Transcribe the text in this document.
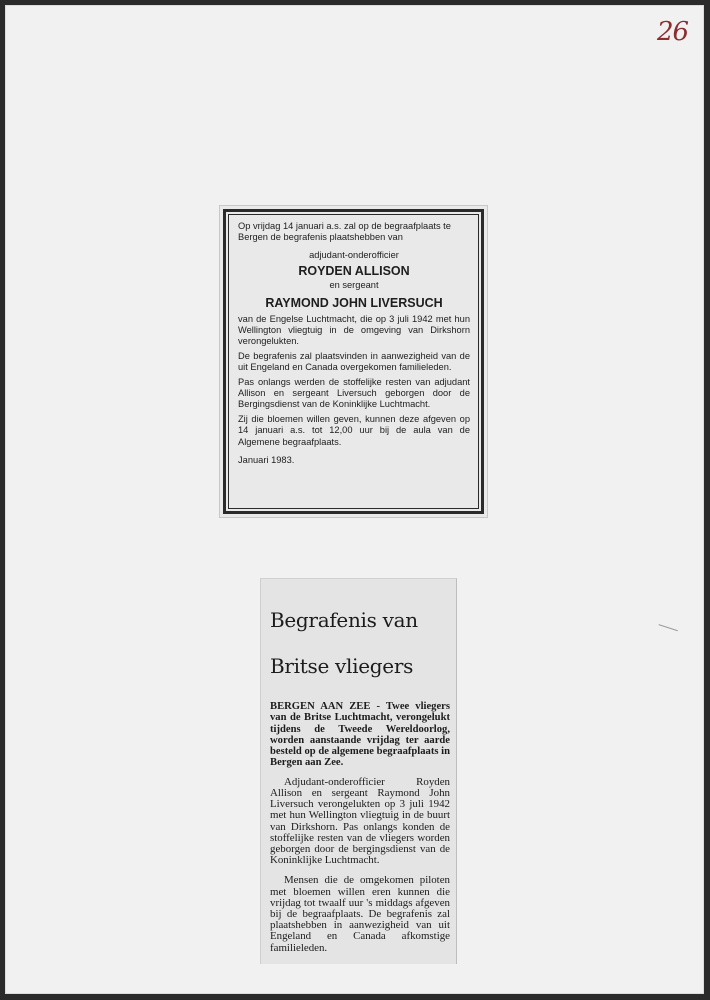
26

Op vrijdag 14 januari a.s. zal op de begraafplaats te Bergen de begrafenis plaatshebben van

adjudant-onderofficier

ROYDEN ALLISON

en sergeant

RAYMOND JOHN LIVERSUCH

van de Engelse Luchtmacht, die op 3 juli 1942 met hun Wellington vliegtuig in de omgeving van Dirkshorn verongelukten.

De begrafenis zal plaatsvinden in aanwezigheid van de uit Engeland en Canada overgekomen familieleden.

Pas onlangs werden de stoffelijke resten van adjudant Allison en sergeant Liversuch geborgen door de Bergingsdienst van de Koninklijke Luchtmacht.

Zij die bloemen willen geven, kunnen deze afgeven op 14 januari a.s. tot 12,00 uur bij de aula van de Algemene begraafplaats.

Januari 1983.

Begrafenis van
Britse vliegers

BERGEN AAN ZEE - Twee vliegers van de Britse Luchtmacht, verongelukt tijdens de Tweede Wereldoorlog, worden aanstaande vrijdag ter aarde besteld op de algemene begraafplaats in Bergen aan Zee.

Adjudant-onderofficier Royden Allison en sergeant Raymond John Liversuch verongelukten op 3 juli 1942 met hun Wellington vliegtuig in de buurt van Dirkshorn. Pas onlangs konden de stoffelijke resten van de vliegers worden geborgen door de bergingsdienst van de Koninklijke Luchtmacht.

Mensen die de omgekomen piloten met bloemen willen eren kunnen die vrijdag tot twaalf uur 's middags afgeven bij de begraafplaats. De begrafenis zal plaatshebben in aanwezigheid van uit Engeland en Canada afkomstige familieleden.
